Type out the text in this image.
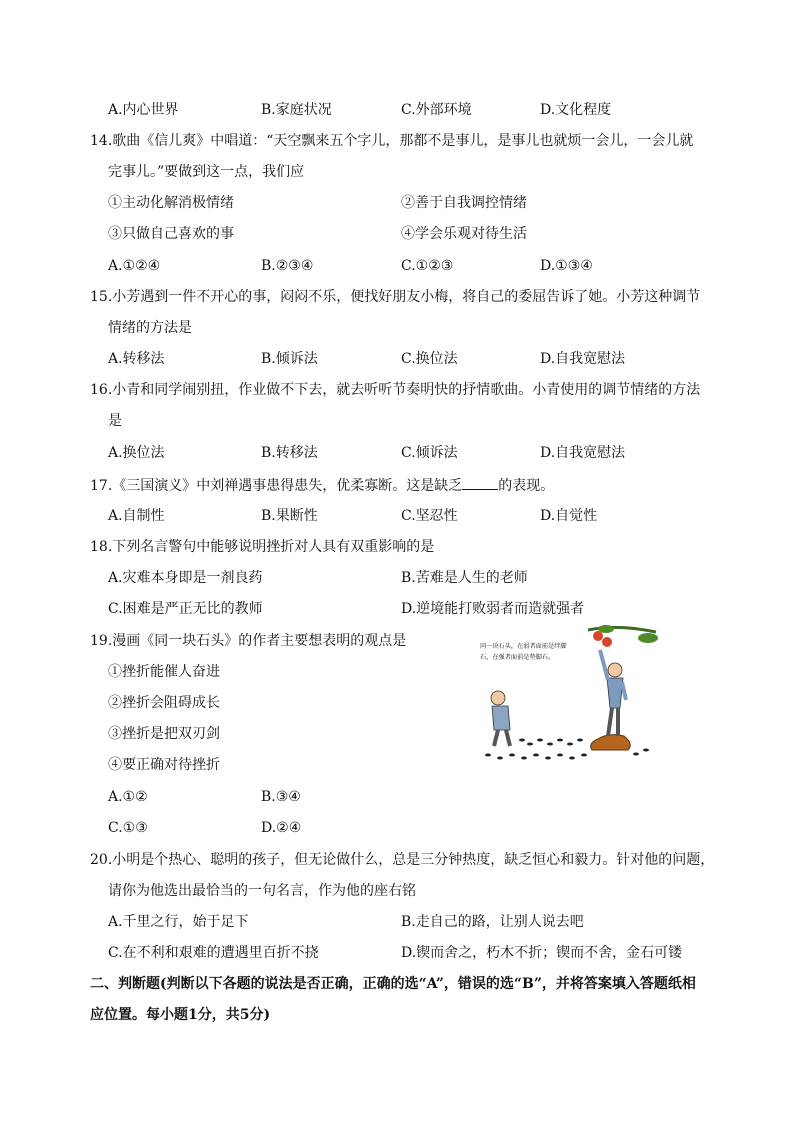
A.内心世界	B.家庭状况	C.外部环境	D.文化程度
14.歌曲《信儿爽》中唱道：“天空飘来五个字儿，那都不是事儿，是事儿也就烦一会儿，一会儿就
完事儿。”要做到这一点，我们应
①主动化解消极情绪	②善于自我调控情绪
③只做自己喜欢的事	④学会乐观对待生活
A.①②④	B.②③④	C.①②③	D.①③④
15.小芳遇到一件不开心的事，闷闷不乐，便找好朋友小梅，将自己的委屈告诉了她。小芳这种调节
情绪的方法是
A.转移法	B.倾诉法	C.换位法	D.自我宽慰法
16.小青和同学闹别扭，作业做不下去，就去听听节奏明快的抒情歌曲。小青使用的调节情绪的方法
是
A.换位法	B.转移法	C.倾诉法	D.自我宽慰法
17.《三国演义》中刘禅遇事患得患失，优柔寡断。这是缺乏	的表现。
A.自制性	B.果断性	C.坚忍性	D.自觉性
18.下列名言警句中能够说明挫折对人具有双重影响的是
A.灾难本身即是一剂良药	B.苦难是人生的老师
C.困难是严正无比的教师	D.逆境能打败弱者而造就强者
19.漫画《同一块石头》的作者主要想表明的观点是
①挫折能催人奋进
②挫折会阻碍成长
③挫折是把双刃剑
④要正确对待挫折
A.①②	B.③④
C.①③	D.②④
同一块石头，在弱者面前是绊脚
石，在强者面前是垫脚石。
20.小明是个热心、聪明的孩子，但无论做什么，总是三分钟热度，缺乏恒心和毅力。针对他的问题，
请你为他选出最恰当的一句名言，作为他的座右铭
A.千里之行，始于足下	B.走自己的路，让别人说去吧
C.在不利和艰难的遭遇里百折不挠	D.锲而舍之，朽木不折；锲而不舍，金石可镂
二、判断题(判断以下各题的说法是否正确，正确的选“A”，错误的选“B”，并将答案填入答题纸相
应位置。每小题1分，共5分)
